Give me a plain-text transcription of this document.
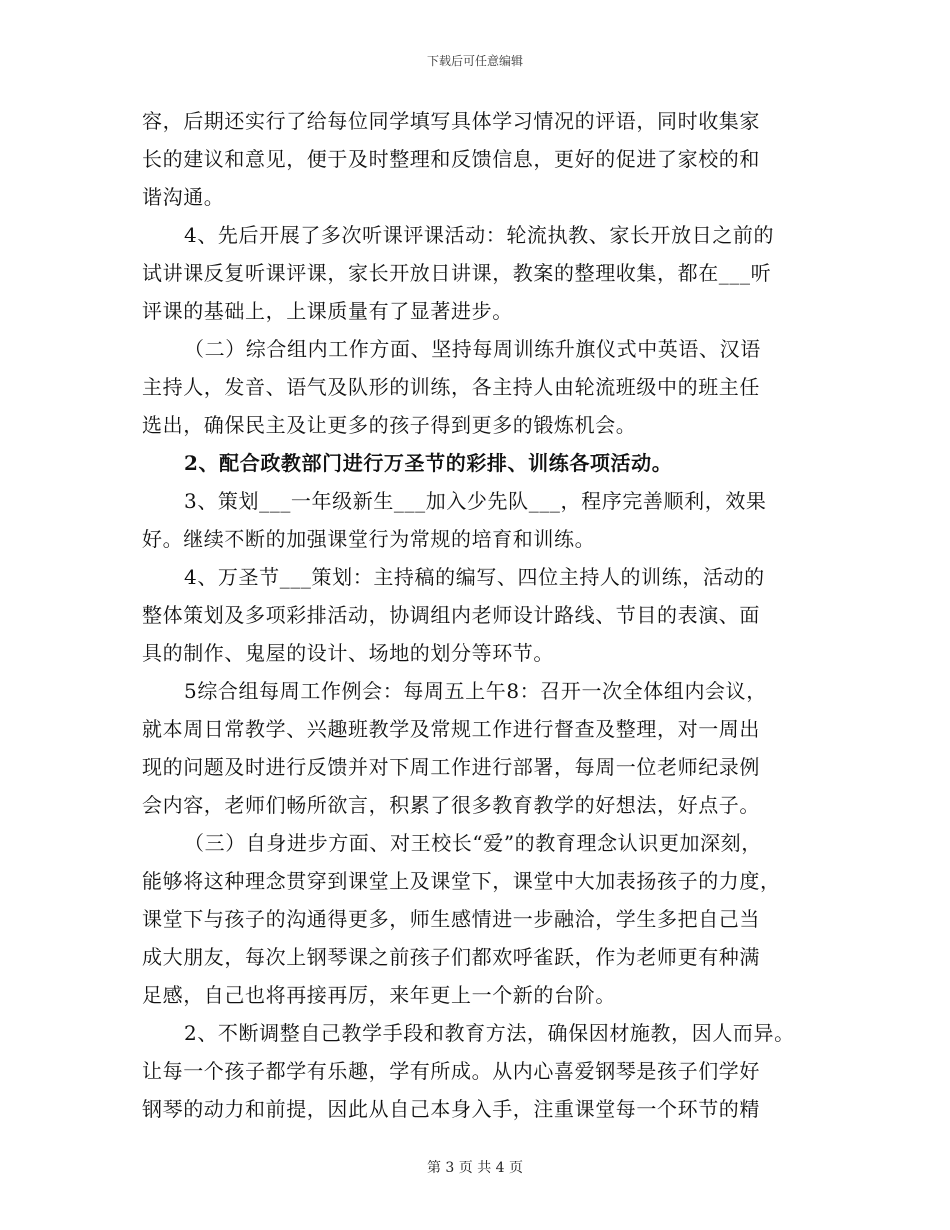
下载后可任意编辑
容，后期还实行了给每位同学填写具体学习情况的评语，同时收集家
长的建议和意见，便于及时整理和反馈信息，更好的促进了家校的和
谐沟通。
4、先后开展了多次听课评课活动：轮流执教、家长开放日之前的
试讲课反复听课评课，家长开放日讲课，教案的整理收集，都在___听
评课的基础上，上课质量有了显著进步。
（二）综合组内工作方面、坚持每周训练升旗仪式中英语、汉语
主持人，发音、语气及队形的训练，各主持人由轮流班级中的班主任
选出，确保民主及让更多的孩子得到更多的锻炼机会。
2、配合政教部门进行万圣节的彩排、训练各项活动。
3、策划___一年级新生___加入少先队___，程序完善顺利，效果
好。继续不断的加强课堂行为常规的培育和训练。
4、万圣节___策划：主持稿的编写、四位主持人的训练，活动的
整体策划及多项彩排活动，协调组内老师设计路线、节目的表演、面
具的制作、鬼屋的设计、场地的划分等环节。
5综合组每周工作例会：每周五上午8：召开一次全体组内会议，
就本周日常教学、兴趣班教学及常规工作进行督查及整理，对一周出
现的问题及时进行反馈并对下周工作进行部署，每周一位老师纪录例
会内容，老师们畅所欲言，积累了很多教育教学的好想法，好点子。
（三）自身进步方面、对王校长“爱”的教育理念认识更加深刻，
能够将这种理念贯穿到课堂上及课堂下，课堂中大加表扬孩子的力度，
课堂下与孩子的沟通得更多，师生感情进一步融洽，学生多把自己当
成大朋友，每次上钢琴课之前孩子们都欢呼雀跃，作为老师更有种满
足感，自己也将再接再厉，来年更上一个新的台阶。
2、不断调整自己教学手段和教育方法，确保因材施教，因人而异。
让每一个孩子都学有乐趣，学有所成。从内心喜爱钢琴是孩子们学好
钢琴的动力和前提，因此从自己本身入手，注重课堂每一个环节的精
第 3 页 共 4 页
